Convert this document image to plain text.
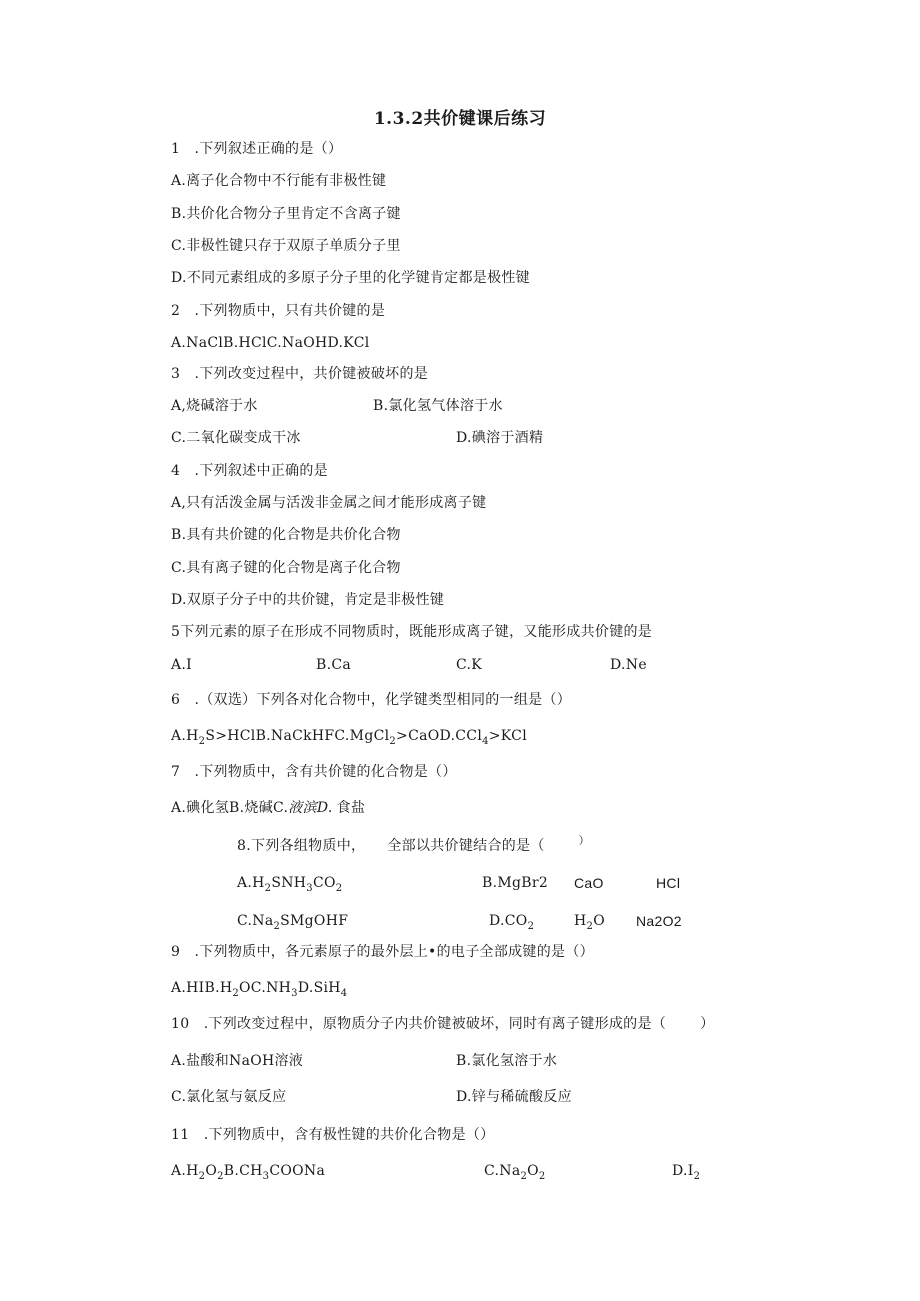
1.3.2共价键课后练习
1　.下列叙述正确的是（）
A.离子化合物中不行能有非极性键
B.共价化合物分子里肯定不含离子键
C.非极性键只存于双原子单质分子里
D.不同元素组成的多原子分子里的化学键肯定都是极性键
2　.下列物质中，只有共价键的是
A.NaClB.HClC.NaOHD.KCl
3　.下列改变过程中，共价键被破坏的是
A,烧碱溶于水	B.氯化氢气体溶于水
C.二氧化碳变成干冰	D.碘溶于酒精
4　.下列叙述中正确的是
A,只有活泼金属与活泼非金属之间才能形成离子键
B.具有共价键的化合物是共价化合物
C.具有离子键的化合物是离子化合物
D.双原子分子中的共价键，肯定是非极性键
5下列元素的原子在形成不同物质时，既能形成离子键，又能形成共价键的是
A.I	B.Ca	C.K	D.Ne
6　.（双选）下列各对化合物中，化学键类型相同的一组是（）
$A.H_2S>HClB.NaCkHFC.MgCl_2>CaOD.CCl_4>KCl$
7　.下列物质中，含有共价键的化合物是（）
A.碘化氢B.烧碱C.液滨D. 食盐
8.下列各组物质中， 全部以共价键结合的是（	）
$A.H_2SNH_3CO_2$	B.MgBr2 CaO	HCl
$C.Na_2SMgOHF$	$D.CO_2$	$H_2O$ Na2O2
9　.下列物质中，各元素原子的最外层上•的电子全部成键的是（）
$A.HIB.H_2OC.NH_3D.SiH_4$
10　.下列改变过程中，原物质分子内共价键被破坏，同时有离子键形成的是（ ）
A.盐酸和NaOH溶液	B.氯化氢溶于水
C.氯化氢与氨反应	D.锌与稀硫酸反应
11　.下列物质中，含有极性键的共价化合物是（）
$A.H_2O_2B.CH_3COONa$	$C.Na_2O_2$	$D.I_2$
